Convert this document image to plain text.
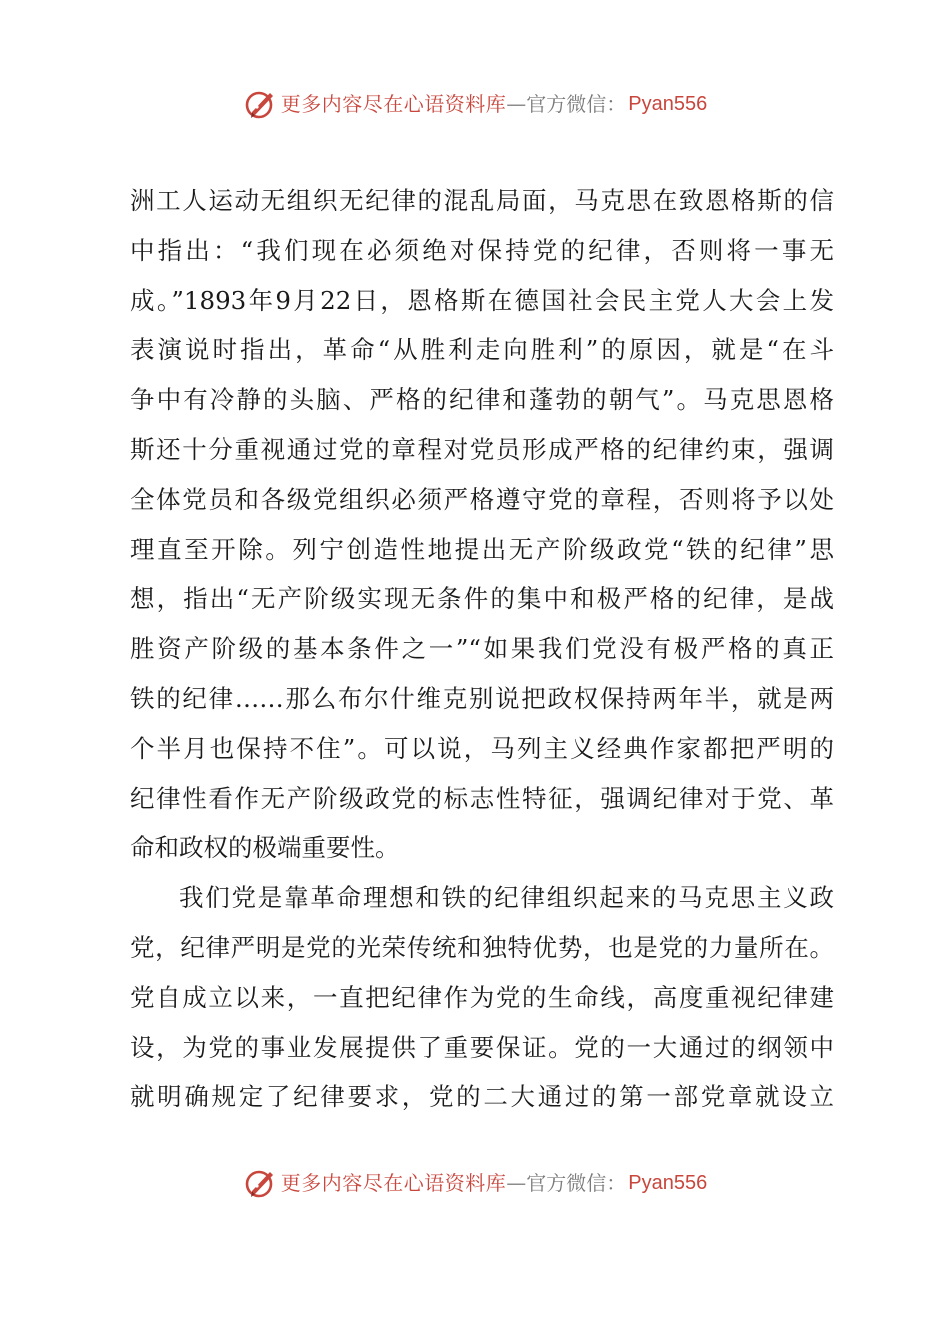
更多内容尽在心语资料库 — 官方微信： Pyan556
洲工人运动无组织无纪律的混乱局面，马克思在致恩格斯的信
中指出：“我们现在必须绝对保持党的纪律，否则将一事无
成。”1893年9月22日，恩格斯在德国社会民主党人大会上发
表演说时指出，革命“从胜利走向胜利”的原因，就是“在斗
争中有冷静的头脑、严格的纪律和蓬勃的朝气”。马克思恩格
斯还十分重视通过党的章程对党员形成严格的纪律约束，强调
全体党员和各级党组织必须严格遵守党的章程，否则将予以处
理直至开除。列宁创造性地提出无产阶级政党“铁的纪律”思
想，指出“无产阶级实现无条件的集中和极严格的纪律，是战
胜资产阶级的基本条件之一”“如果我们党没有极严格的真正
铁的纪律……那么布尔什维克别说把政权保持两年半，就是两
个半月也保持不住”。可以说，马列主义经典作家都把严明的
纪律性看作无产阶级政党的标志性特征，强调纪律对于党、革
命和政权的极端重要性。
我们党是靠革命理想和铁的纪律组织起来的马克思主义政
党，纪律严明是党的光荣传统和独特优势，也是党的力量所在。
党自成立以来，一直把纪律作为党的生命线，高度重视纪律建
设，为党的事业发展提供了重要保证。党的一大通过的纲领中
就明确规定了纪律要求，党的二大通过的第一部党章就设立
更多内容尽在心语资料库 — 官方微信： Pyan556
